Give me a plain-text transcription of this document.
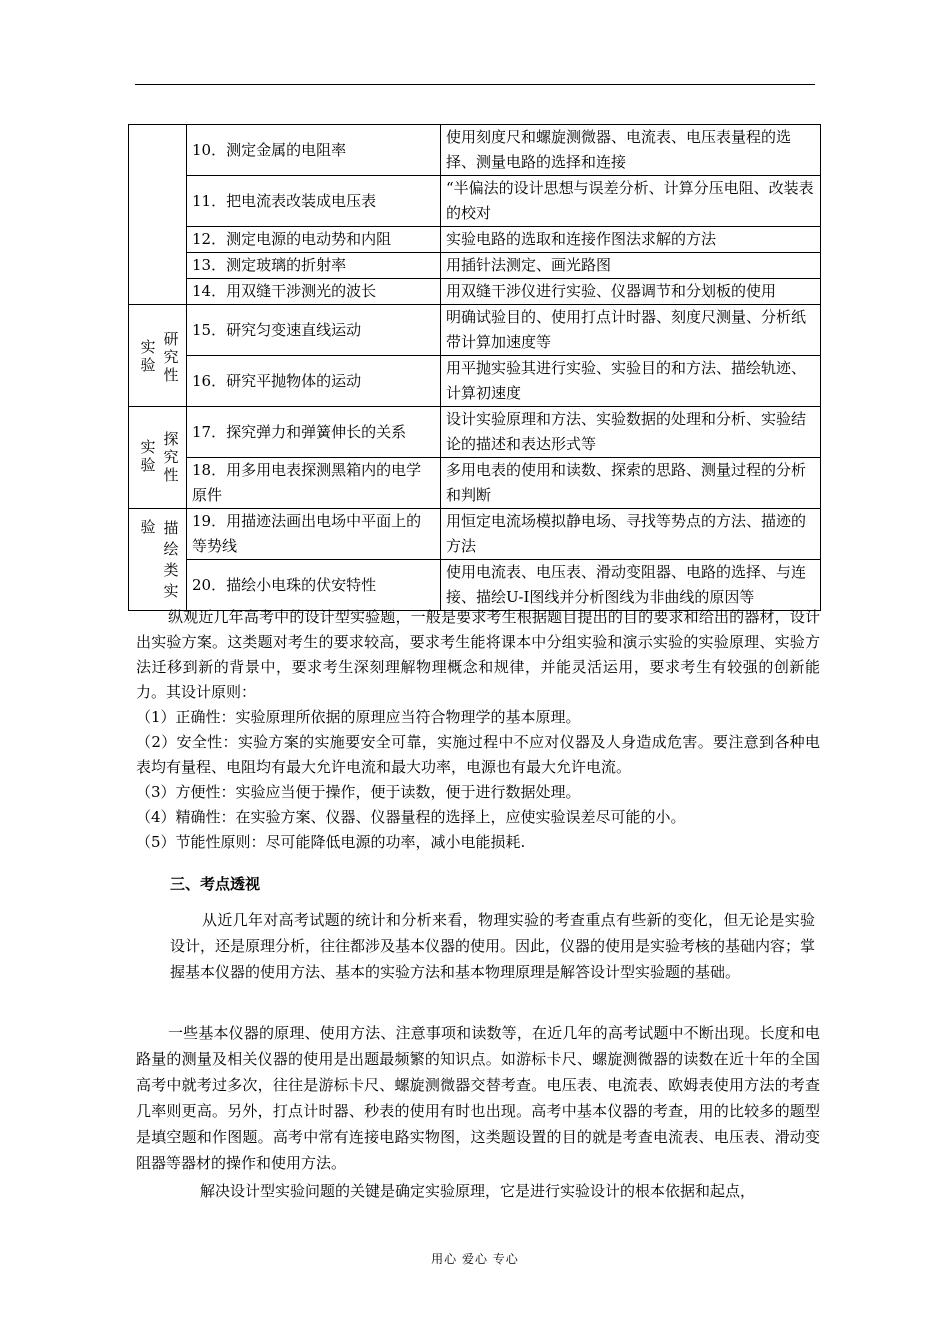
	10．测定金属的电阻率	使用刻度尺和螺旋测微器、电流表、电压表量程的选择、测量电路的选择和连接
	11．把电流表改装成电压表	“半偏法的设计思想与误差分析、计算分压电阻、改装表的校对
	12．测定电源的电动势和内阻	实验电路的选取和连接作图法求解的方法
	13．测定玻璃的折射率	用插针法测定、画光路图
	14．用双缝干涉测光的波长	用双缝干涉仪进行实验、仪器调节和分划板的使用

实验
研究性	15．研究匀变速直线运动	明确试验目的、使用打点计时器、刻度尺测量、分析纸带计算加速度等
	16．研究平抛物体的运动	用平抛实验其进行实验、实验目的和方法、描绘轨迹、计算初速度

实验
探究性	17．探究弹力和弹簧伸长的关系	设计实验原理和方法、实验数据的处理和分析、实验结论的描述和表达形式等
	18．用多用电表探测黑箱内的电学原件	多用电表的使用和读数、探索的思路、测量过程的分析和判断

验 描绘类实	19．用描迹法画出电场中平面上的等势线	用恒定电流场模拟静电场、寻找等势点的方法、描迹的方法
	20．描绘小电珠的伏安特性	使用电流表、电压表、滑动变阻器、电路的选择、与连接、描绘U-I图线并分析图线为非曲线的原因等

纵观近几年高考中的设计型实验题，一般是要求考生根据题目提出的目的要求和给出的器材，设计出实验方案。这类题对考生的要求较高，要求考生能将课本中分组实验和演示实验的实验原理、实验方法迁移到新的背景中，要求考生深刻理解物理概念和规律，并能灵活运用，要求考生有较强的创新能力。其设计原则：

（1）正确性：实验原理所依据的原理应当符合物理学的基本原理。

（2）安全性：实验方案的实施要安全可靠，实施过程中不应对仪器及人身造成危害。要注意到各种电表均有量程、电阻均有最大允许电流和最大功率，电源也有最大允许电流。

（3）方便性：实验应当便于操作，便于读数，便于进行数据处理。

（4）精确性：在实验方案、仪器、仪器量程的选择上，应使实验误差尽可能的小。

（5）节能性原则：尽可能降低电源的功率，减小电能损耗.

三、考点透视

从近几年对高考试题的统计和分析来看，物理实验的考查重点有些新的变化，但无论是实验设计，还是原理分析，往往都涉及基本仪器的使用。因此，仪器的使用是实验考核的基础内容；掌握基本仪器的使用方法、基本的实验方法和基本物理原理是解答设计型实验题的基础。

一些基本仪器的原理、使用方法、注意事项和读数等，在近几年的高考试题中不断出现。长度和电路量的测量及相关仪器的使用是出题最频繁的知识点。如游标卡尺、螺旋测微器的读数在近十年的全国高考中就考过多次，往往是游标卡尺、螺旋测微器交替考查。电压表、电流表、欧姆表使用方法的考查几率则更高。另外，打点计时器、秒表的使用有时也出现。高考中基本仪器的考查，用的比较多的题型是填空题和作图题。高考中常有连接电路实物图，这类题设置的目的就是考查电流表、电压表、滑动变阻器等器材的操作和使用方法。

解决设计型实验问题的关键是确定实验原理，它是进行实验设计的根本依据和起点，

用心 爱心 专心
